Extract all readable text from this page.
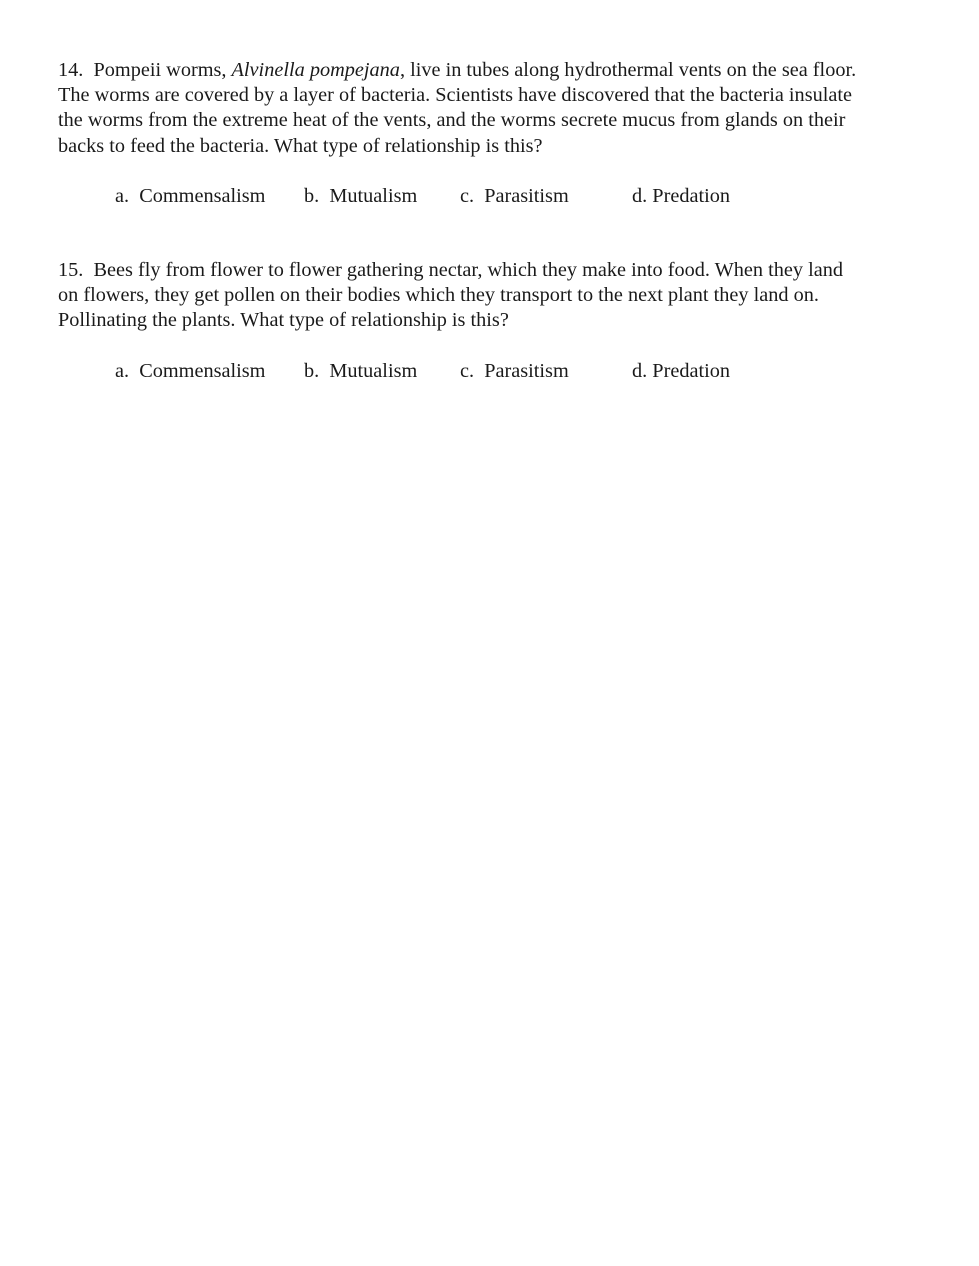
14. Pompeii worms, Alvinella pompejana, live in tubes along hydrothermal vents on the sea floor.
The worms are covered by a layer of bacteria. Scientists have discovered that the bacteria insulate
the worms from the extreme heat of the vents, and the worms secrete mucus from glands on their
backs to feed the bacteria. What type of relationship is this?

a. Commensalism b. Mutualism c. Parasitism	d. Predation

15. Bees fly from flower to flower gathering nectar, which they make into food. When they land
on flowers, they get pollen on their bodies which they transport to the next plant they land on.
Pollinating the plants. What type of relationship is this?

a. Commensalism b. Mutualism c. Parasitism	d. Predation
